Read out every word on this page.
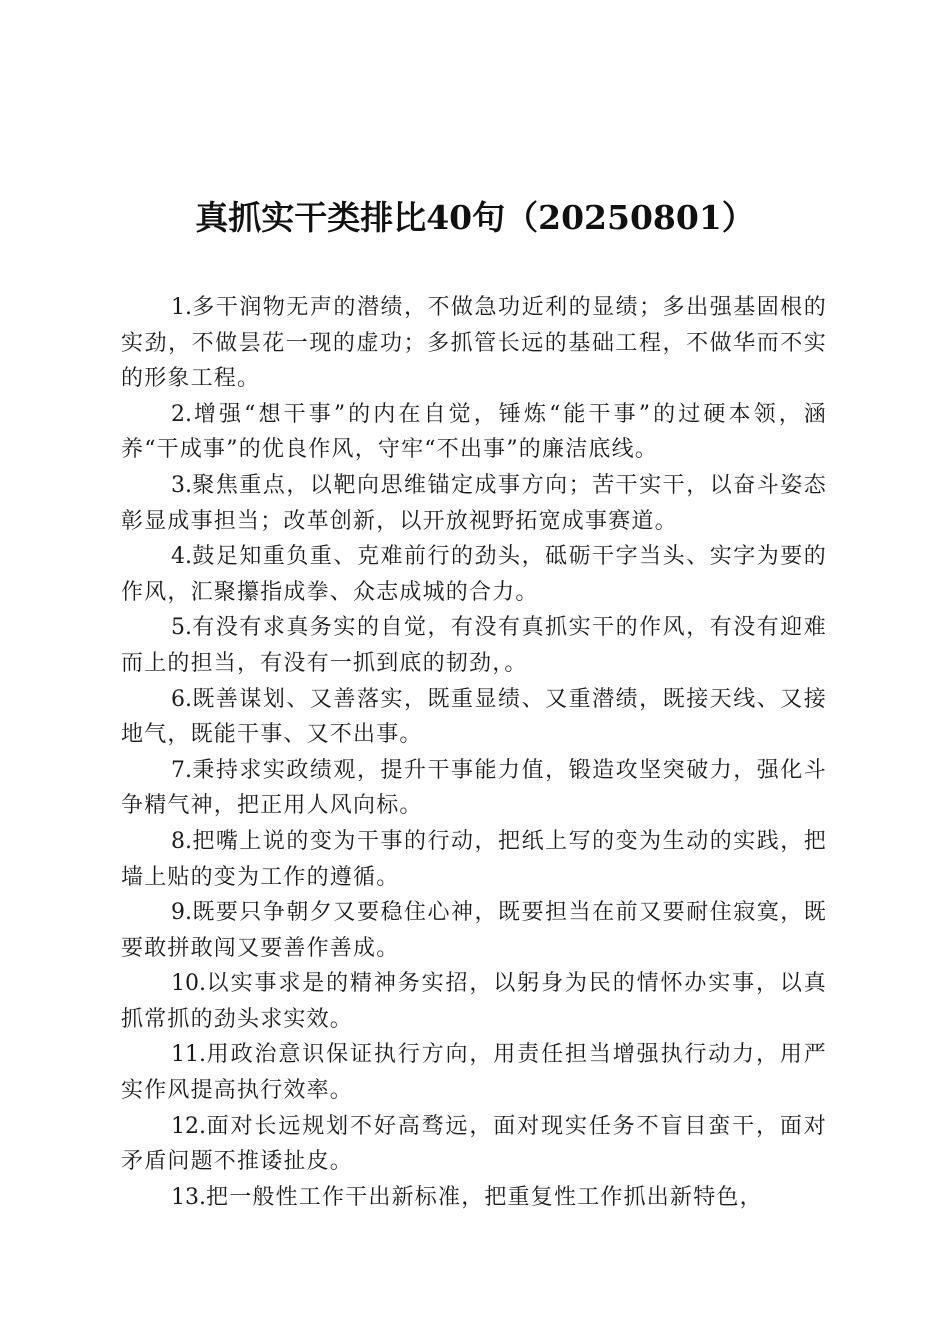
真抓实干类排比40句（20250801）

1.多干润物无声的潜绩，不做急功近利的显绩；多出强基固根的实劲，不做昙花一现的虚功；多抓管长远的基础工程，不做华而不实的形象工程。

2.增强“想干事”的内在自觉，锤炼“能干事”的过硬本领，涵养“干成事”的优良作风，守牢“不出事”的廉洁底线。

3.聚焦重点，以靶向思维锚定成事方向；苦干实干，以奋斗姿态彰显成事担当；改革创新，以开放视野拓宽成事赛道。

4.鼓足知重负重、克难前行的劲头，砥砺干字当头、实字为要的作风，汇聚攥指成拳、众志成城的合力。

5.有没有求真务实的自觉，有没有真抓实干的作风，有没有迎难而上的担当，有没有一抓到底的韧劲，。

6.既善谋划、又善落实，既重显绩、又重潜绩，既接天线、又接地气，既能干事、又不出事。

7.秉持求实政绩观，提升干事能力值，锻造攻坚突破力，强化斗争精气神，把正用人风向标。

8.把嘴上说的变为干事的行动，把纸上写的变为生动的实践，把墙上贴的变为工作的遵循。

9.既要只争朝夕又要稳住心神，既要担当在前又要耐住寂寞，既要敢拼敢闯又要善作善成。

10.以实事求是的精神务实招，以躬身为民的情怀办实事，以真抓常抓的劲头求实效。

11.用政治意识保证执行方向，用责任担当增强执行动力，用严实作风提高执行效率。

12.面对长远规划不好高骛远，面对现实任务不盲目蛮干，面对矛盾问题不推诿扯皮。

13.把一般性工作干出新标准，把重复性工作抓出新特色，
